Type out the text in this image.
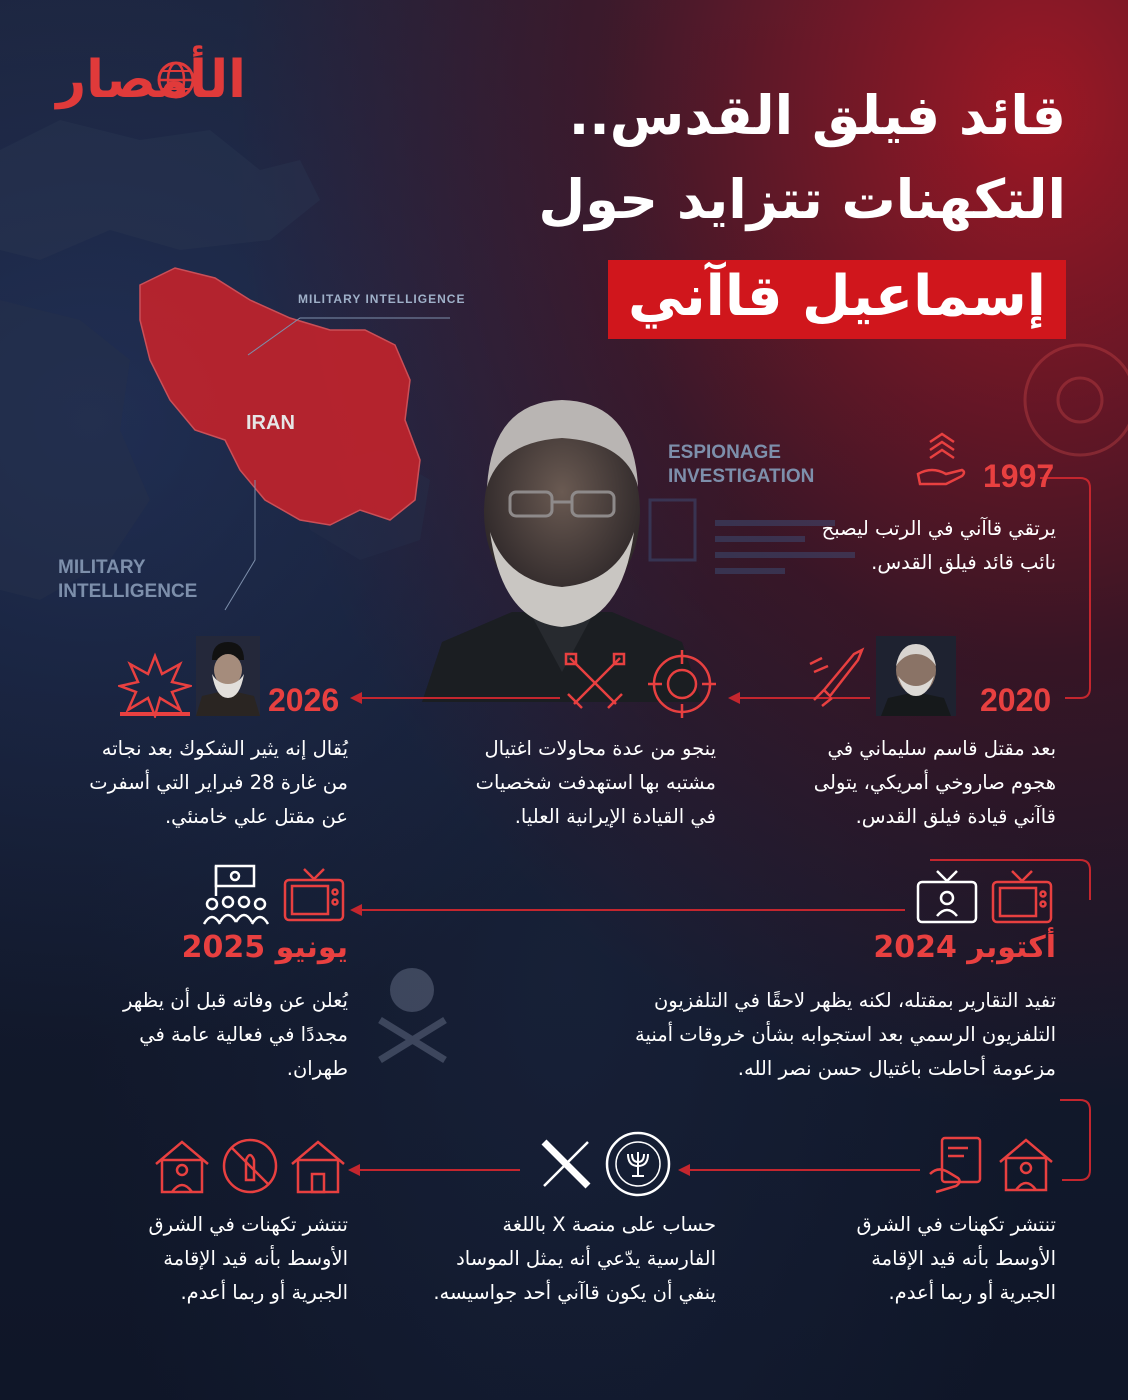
الأمصار
قائد فيلق القدس..
التكهنات تتزايد حول
إسماعيل قاآني
MILITARY INTELLIGENCE
IRAN
MILITARY
INTELLIGENCE
ESPIONAGE
INVESTIGATION	1997
يرتقي قاآني في الرتب ليصبح
نائب قائد فيلق القدس.
2020
بعد مقتل قاسم سليماني في
هجوم صاروخي أمريكي، يتولى
قاآني قيادة فيلق القدس.
ينجو من عدة محاولات اغتيال
مشتبه بها استهدفت شخصيات
في القيادة الإيرانية العليا.
2026
يُقال إنه يثير الشكوك بعد نجاته
من غارة 28 فبراير التي أسفرت
عن مقتل علي خامنئي.
أكتوبر 2024
تفيد التقارير بمقتله، لكنه يظهر لاحقًا في التلفزيون
التلفزيون الرسمي بعد استجوابه بشأن خروقات أمنية
مزعومة أحاطت باغتيال حسن نصر الله.
يونيو 2025
يُعلن عن وفاته قبل أن يظهر
مجددًا في فعالية عامة في
طهران.
تنتشر تكهنات في الشرق
الأوسط بأنه قيد الإقامة
الجبرية أو ربما أعدم.
حساب على منصة X باللغة
الفارسية يدّعي أنه يمثل الموساد
ينفي أن يكون قاآني أحد جواسيسه.
تنتشر تكهنات في الشرق
الأوسط بأنه قيد الإقامة
الجبرية أو ربما أعدم.
